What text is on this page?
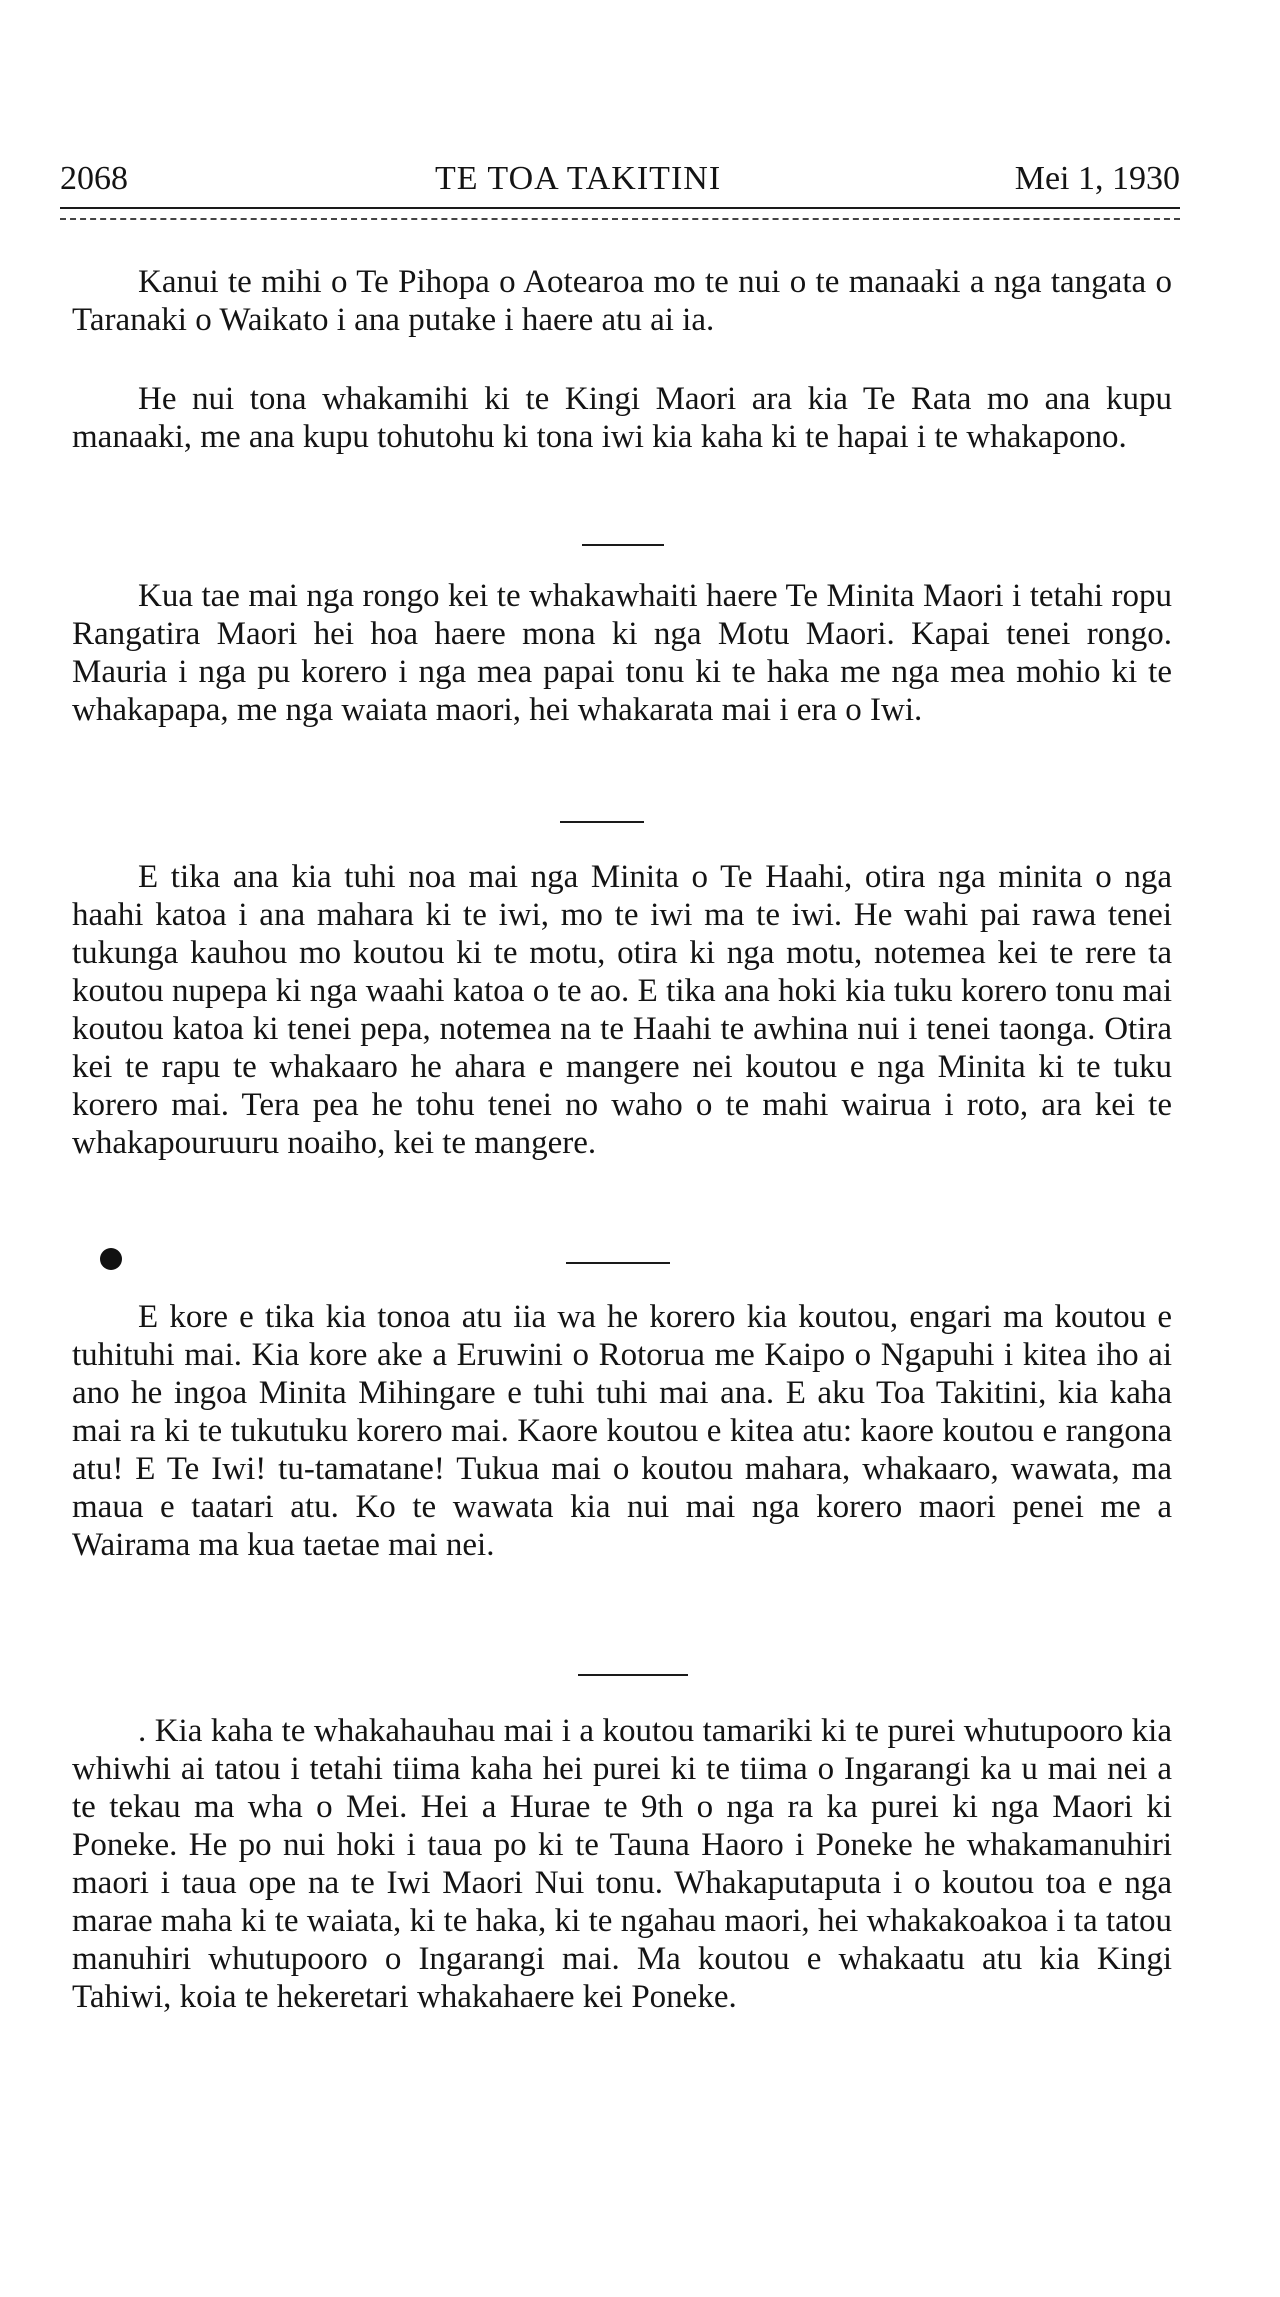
2068	TE TOA TAKITINI	Mei 1, 1930

Kanui te mihi o Te Pihopa o Aotearoa mo te nui o te manaaki a nga tangata o Taranaki o Waikato i ana putake i haere atu ai ia.

He nui tona whakamihi ki te Kingi Maori ara kia Te Rata mo ana kupu manaaki, me ana kupu tohutohu ki tona iwi kia kaha ki te hapai i te whakapono.

Kua tae mai nga rongo kei te whakawhaiti haere Te Minita Maori i tetahi ropu Rangatira Maori hei hoa haere mona ki nga Motu Maori. Kapai tenei rongo. Mauria i nga pu korero i nga mea papai tonu ki te haka me nga mea mohio ki te whakapapa, me nga waiata maori, hei whakarata mai i era o Iwi.

E tika ana kia tuhi noa mai nga Minita o Te Haahi, otira nga minita o nga haahi katoa i ana mahara ki te iwi, mo te iwi ma te iwi. He wahi pai rawa tenei tukunga kauhou mo koutou ki te motu, otira ki nga motu, notemea kei te rere ta koutou nupepa ki nga waahi katoa o te ao. E tika ana hoki kia tuku korero tonu mai koutou katoa ki tenei pepa, notemea na te Haahi te awhina nui i tenei taonga. Otira kei te rapu te whakaaro he ahara e mangere nei koutou e nga Minita ki te tuku korero mai. Tera pea he tohu tenei no waho o te mahi wairua i roto, ara kei te whakapouruuru noaiho, kei te mangere.

E kore e tika kia tonoa atu iia wa he korero kia koutou, engari ma koutou e tuhituhi mai. Kia kore ake a Eruwini o Rotorua me Kaipo o Ngapuhi i kitea iho ai ano he ingoa Minita Mihingare e tuhi tuhi mai ana. E aku Toa Takitini, kia kaha mai ra ki te tukutuku korero mai. Kaore koutou e kitea atu: kaore koutou e rangona atu! E Te Iwi! tu-tamatane! Tukua mai o koutou mahara, whakaaro, wawata, ma maua e taatari atu. Ko te wawata kia nui mai nga korero maori penei me a Wairama ma kua taetae mai nei.

. Kia kaha te whakahauhau mai i a koutou tamariki ki te purei whutupooro kia whiwhi ai tatou i tetahi tiima kaha hei purei ki te tiima o Ingarangi ka u mai nei a te tekau ma wha o Mei. Hei a Hurae te 9th o nga ra ka purei ki nga Maori ki Poneke. He po nui hoki i taua po ki te Tauna Haoro i Poneke he whakamanuhiri maori i taua ope na te Iwi Maori Nui tonu. Whakaputaputa i o koutou toa e nga marae maha ki te waiata, ki te haka, ki te ngahau maori, hei whakakoakoa i ta tatou manuhiri whutupooro o Ingarangi mai. Ma koutou e whakaatu atu kia Kingi Tahiwi, koia te hekeretari whakahaere kei Poneke.
